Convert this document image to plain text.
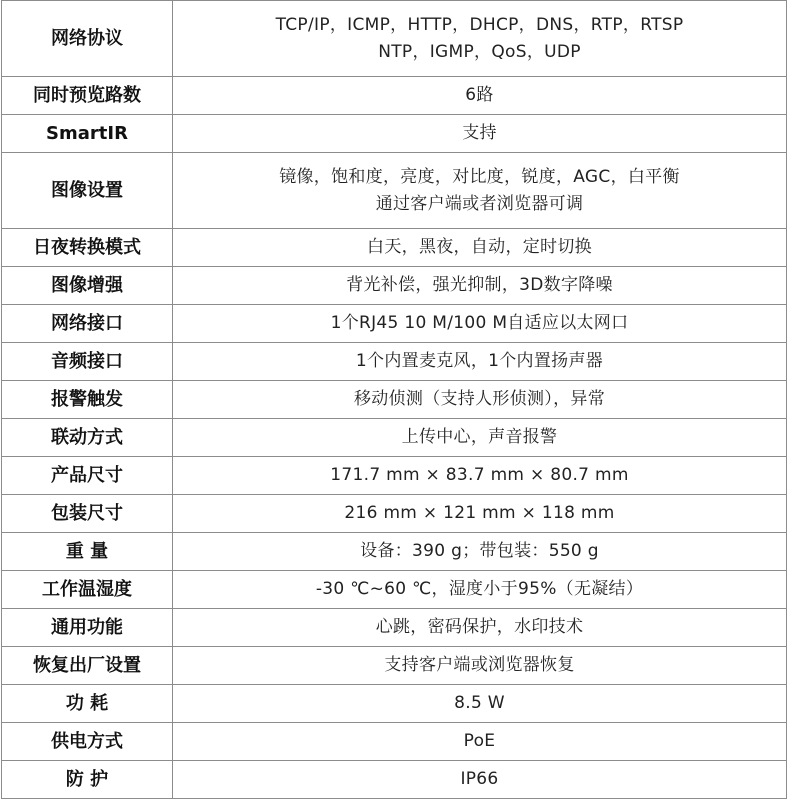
网络协议	TCP/IP，ICMP，HTTP，DHCP，DNS，RTP，RTSP
NTP，IGMP，QoS，UDP

同时预览路数	6路

SmartIR	支持

图像设置	镜像，饱和度，亮度，对比度，锐度，AGC，白平衡
通过客户端或者浏览器可调

日夜转换模式	白天，黑夜，自动，定时切换

图像增强	背光补偿，强光抑制，3D数字降噪

网络接口	1个RJ45 10 M/100 M自适应以太网口

音频接口	1个内置麦克风，1个内置扬声器

报警触发	移动侦测（支持人形侦测），异常

联动方式	上传中心，声音报警

产品尺寸	171.7 mm × 83.7 mm × 80.7 mm

包装尺寸	216 mm × 121 mm × 118 mm

重 量	设备：390 g；带包装：550 g

工作温湿度	-30 ℃~60 ℃，湿度小于95%（无凝结）

通用功能	心跳，密码保护，水印技术

恢复出厂设置	支持客户端或浏览器恢复

功 耗	8.5 W

供电方式	PoE

防 护	IP66
